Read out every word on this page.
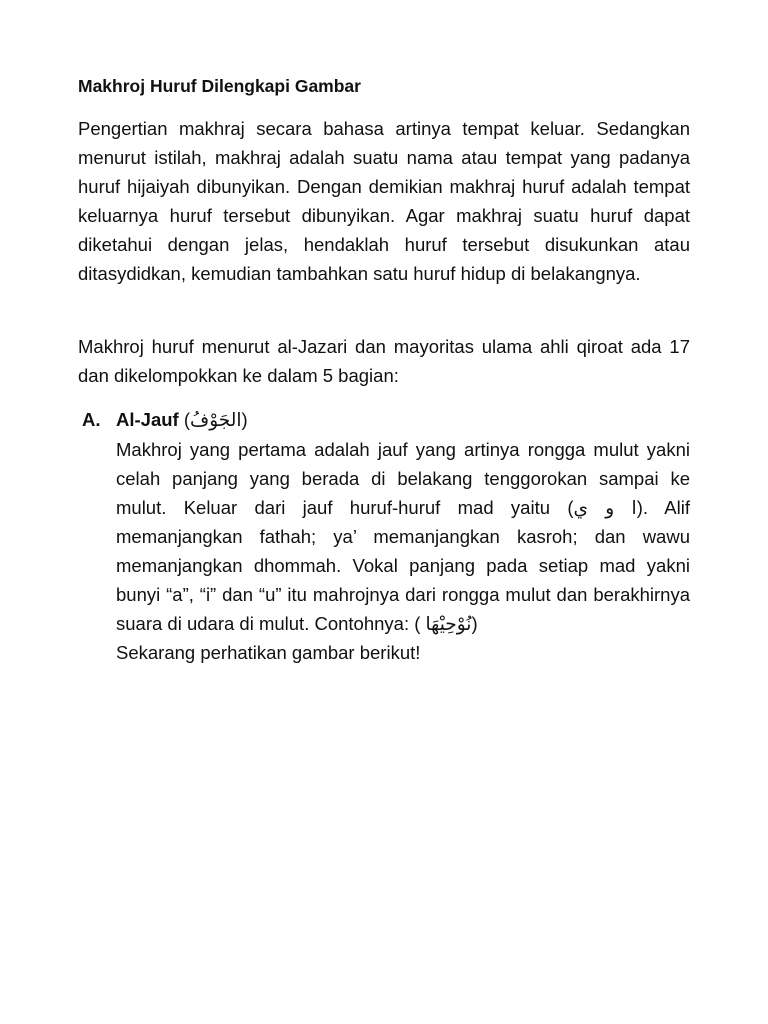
Makhroj Huruf Dilengkapi Gambar

Pengertian makhraj secara bahasa artinya tempat keluar. Sedangkan menurut istilah, makhraj adalah suatu nama atau tempat yang padanya huruf hijaiyah dibunyikan. Dengan demikian makhraj huruf adalah tempat keluarnya huruf tersebut dibunyikan. Agar makhraj suatu huruf dapat diketahui dengan jelas, hendaklah huruf tersebut disukunkan atau ditasydidkan, kemudian tambahkan satu huruf hidup di belakangnya.

Makhroj huruf menurut al-Jazari dan mayoritas ulama ahli qiroat ada 17 dan dikelompokkan ke dalam 5 bagian:

A. Al-Jauf (الجَوْفُ)

Makhroj yang pertama adalah jauf yang artinya rongga mulut yakni celah panjang yang berada di belakang tenggorokan sampai ke mulut. Keluar dari jauf huruf-huruf mad yaitu (ا و ي). Alif memanjangkan fathah; ya’ memanjangkan kasroh; dan wawu memanjangkan dhommah. Vokal panjang pada setiap mad yakni bunyi “a”, “i” dan “u” itu mahrojnya dari rongga mulut dan berakhirnya suara di udara di mulut. Contohnya: ( نُوْحِيْهَا)

Sekarang perhatikan gambar berikut!
